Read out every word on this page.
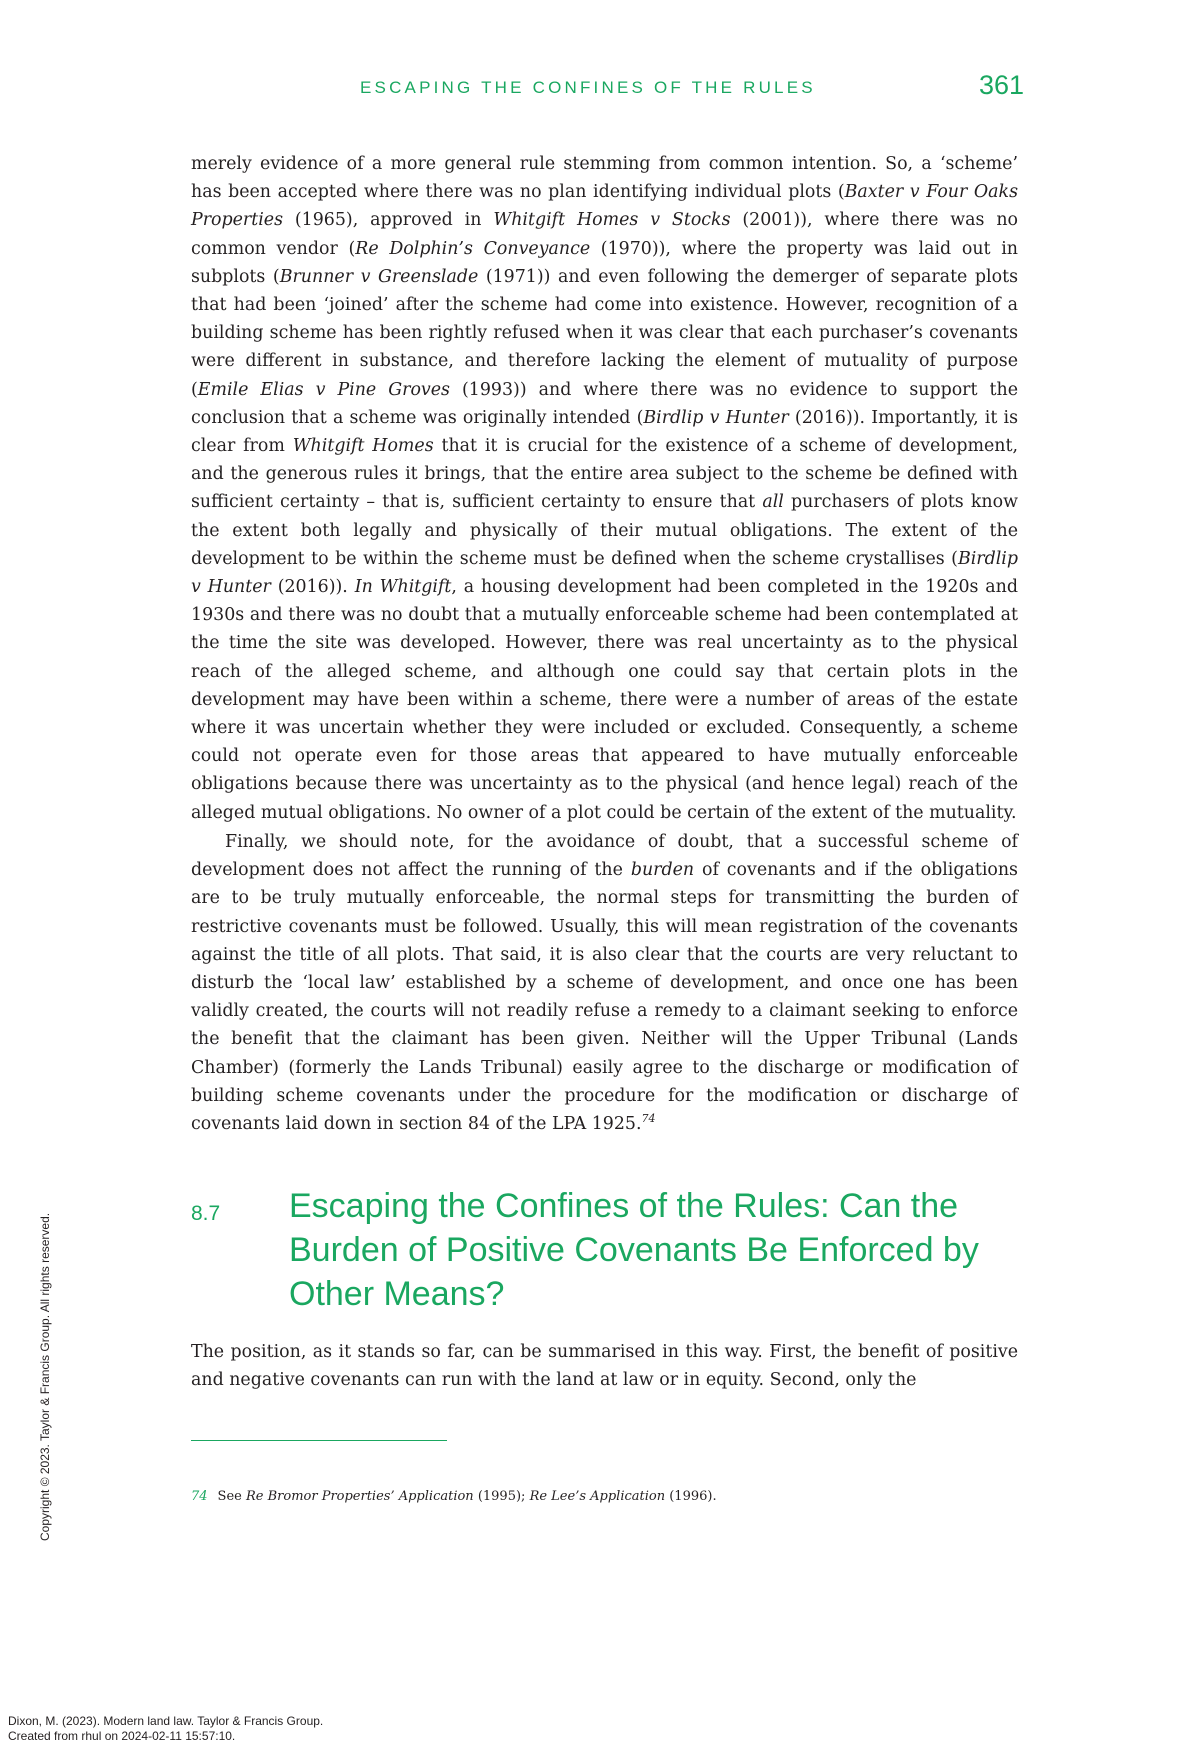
ESCAPING THE CONFINES OF THE RULES	361

merely evidence of a more general rule stemming from common intention. So, a ‘scheme’ has been accepted where there was no plan identifying individual plots (Baxter v Four Oaks Properties (1965), approved in Whitgift Homes v Stocks (2001)), where there was no common vendor (Re Dolphin’s Conveyance (1970)), where the property was laid out in subplots (Brunner v Greenslade (1971)) and even following the demerger of separate plots that had been ‘joined’ after the scheme had come into existence. However, recognition of a building scheme has been rightly refused when it was clear that each purchaser’s covenants were different in substance, and therefore lacking the element of mutuality of purpose (Emile Elias v Pine Groves (1993)) and where there was no evidence to support the conclusion that a scheme was originally intended (Birdlip v Hunter (2016)). Importantly, it is clear from Whitgift Homes that it is crucial for the existence of a scheme of development, and the generous rules it brings, that the entire area subject to the scheme be defined with sufficient certainty – that is, sufficient certainty to ensure that all purchasers of plots know the extent both legally and physically of their mutual obligations. The extent of the development to be within the scheme must be defined when the scheme crystallises (Birdlip v Hunter (2016)). In Whitgift, a housing development had been completed in the 1920s and 1930s and there was no doubt that a mutually enforceable scheme had been contemplated at the time the site was developed. However, there was real uncertainty as to the physical reach of the alleged scheme, and although one could say that certain plots in the development may have been within a scheme, there were a number of areas of the estate where it was uncertain whether they were included or excluded. Consequently, a scheme could not operate even for those areas that appeared to have mutually enforceable obligations because there was uncertainty as to the physical (and hence legal) reach of the alleged mutual obligations. No owner of a plot could be certain of the extent of the mutuality.

Finally, we should note, for the avoidance of doubt, that a successful scheme of development does not affect the running of the burden of covenants and if the obligations are to be truly mutually enforceable, the normal steps for transmitting the burden of restrictive covenants must be followed. Usually, this will mean registration of the covenants against the title of all plots. That said, it is also clear that the courts are very reluctant to disturb the ‘local law’ established by a scheme of development, and once one has been validly created, the courts will not readily refuse a remedy to a claimant seeking to enforce the benefit that the claimant has been given. Neither will the Upper Tribunal (Lands Chamber) (formerly the Lands Tribunal) easily agree to the discharge or modification of building scheme covenants under the procedure for the modification or discharge of covenants laid down in section 84 of the LPA 1925.74

8.7 Escaping the Confines of the Rules: Can the Burden of Positive Covenants Be Enforced by Other Means?

The position, as it stands so far, can be summarised in this way. First, the benefit of positive and negative covenants can run with the land at law or in equity. Second, only the

74 See Re Bromor Properties’ Application (1995); Re Lee’s Application (1996).

Copyright © 2023. Taylor & Francis Group. All rights reserved.
Dixon, M. (2023). Modern land law. Taylor & Francis Group.
Created from rhul on 2024-02-11 15:57:10.
